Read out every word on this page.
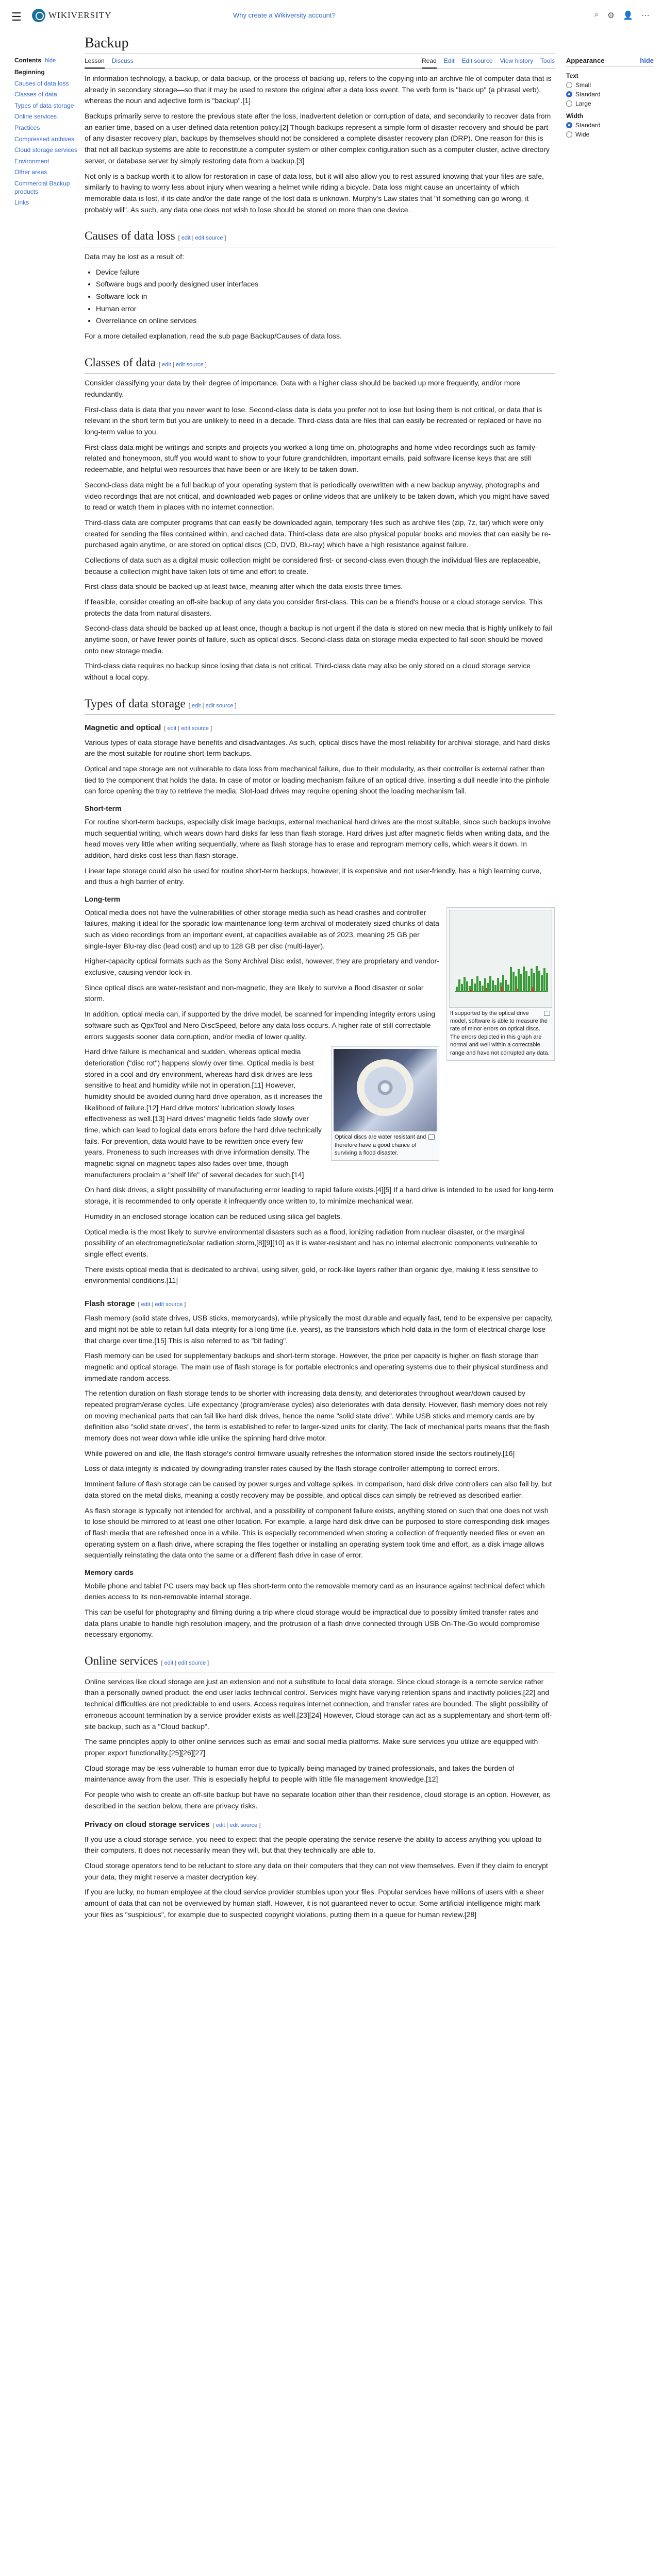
☰	WIKIVERSITY	Why create a Wikiversity account?	⌕ ⚙ 👤 ⋯
Contents hide
Beginning
Causes of data loss
Classes of data
Types of data storage
Online services
Practices
Compressed archives
Cloud storage services
Environment
Other areas
Commercial Backup products
Links
Appearance	hide
Text
Small
Standard
Large
Width
Standard
Wide
Backup
Lesson Discuss	Read Edit Edit source View history Tools

In information technology, a backup, or data backup, or the process of backing up, refers to the copying into an archive file of computer data that is already in secondary storage—so that it may be used to restore the original after a data loss event. The verb form is "back up" (a phrasal verb), whereas the noun and adjective form is "backup".[1]

Backups primarily serve to restore the previous state after the loss, inadvertent deletion or corruption of data, and secondarily to recover data from an earlier time, based on a user-defined data retention policy.[2] Though backups represent a simple form of disaster recovery and should be part of any disaster recovery plan, backups by themselves should not be considered a complete disaster recovery plan (DRP). One reason for this is that not all backup systems are able to reconstitute a computer system or other complex configuration such as a computer cluster, active directory server, or database server by simply restoring data from a backup.[3]

Not only is a backup worth it to allow for restoration in case of data loss, but it will also allow you to rest assured knowing that your files are safe, similarly to having to worry less about injury when wearing a helmet while riding a bicycle. Data loss might cause an uncertainty of which memorable data is lost, if its date and/or the date range of the lost data is unknown. Murphy's Law states that "if something can go wrong, it probably will". As such, any data one does not wish to lose should be stored on more than one device.

Causes of data loss [ edit | edit source ]

Data may be lost as a result of:

• Device failure
• Software bugs and poorly designed user interfaces
• Software lock-in
• Human error
• Overreliance on online services

For a more detailed explanation, read the sub page Backup/Causes of data loss.

Classes of data [ edit | edit source ]

Consider classifying your data by their degree of importance. Data with a higher class should be backed up more frequently, and/or more redundantly.

First-class data is data that you never want to lose. Second-class data is data you prefer not to lose but losing them is not critical, or data that is relevant in the short term but you are unlikely to need in a decade. Third-class data are files that can easily be recreated or replaced or have no long-term value to you.

First-class data might be writings and scripts and projects you worked a long time on, photographs and home video recordings such as family-related and honeymoon, stuff you would want to show to your future grandchildren, important emails, paid software license keys that are still redeemable, and helpful web resources that have been or are likely to be taken down.

Second-class data might be a full backup of your operating system that is periodically overwritten with a new backup anyway, photographs and video recordings that are not critical, and downloaded web pages or online videos that are unlikely to be taken down, which you might have saved to read or watch them in places with no internet connection.

Third-class data are computer programs that can easily be downloaded again, temporary files such as archive files (zip, 7z, tar) which were only created for sending the files contained within, and cached data. Third-class data are also physical popular books and movies that can easily be re-purchased again anytime, or are stored on optical discs (CD, DVD, Blu-ray) which have a high resistance against failure.

Collections of data such as a digital music collection might be considered first- or second-class even though the individual files are replaceable, because a collection might have taken lots of time and effort to create.

First-class data should be backed up at least twice, meaning after which the data exists three times.

If feasible, consider creating an off-site backup of any data you consider first-class. This can be a friend's house or a cloud storage service. This protects the data from natural disasters.

Second-class data should be backed up at least once, though a backup is not urgent if the data is stored on new media that is highly unlikely to fail anytime soon, or have fewer points of failure, such as optical discs. Second-class data on storage media expected to fail soon should be moved onto new storage media.

Third-class data requires no backup since losing that data is not critical. Third-class data may also be only stored on a cloud storage service without a local copy.

Types of data storage [ edit | edit source ]
Magnetic and optical [ edit | edit source ]

Various types of data storage have benefits and disadvantages. As such, optical discs have the most reliability for archival storage, and hard disks are the most suitable for routine short-term backups.

Optical and tape storage are not vulnerable to data loss from mechanical failure, due to their modularity, as their controller is external rather than tied to the component that holds the data. In case of motor or loading mechanism failure of an optical drive, inserting a dull needle into the pinhole can force opening the tray to retrieve the media. Slot-load drives may require opening shoot the loading mechanism fail.

Short-term

For routine short-term backups, especially disk image backups, external mechanical hard drives are the most suitable, since such backups involve much sequential writing, which wears down hard disks far less than flash storage. Hard drives just after magnetic fields when writing data, and the head moves very little when writing sequentially, where as flash storage has to erase and reprogram memory cells, which wears it down. In addition, hard disks cost less than flash storage.

Linear tape storage could also be used for routine short-term backups, however, it is expensive and not user-friendly, has a high learning curve, and thus a high barrier of entry.

Long-term
If supported by the optical drive model, software is able to measure the rate of minor errors on optical discs. The errors depicted in this graph are normal and well within a correctable range and have not corrupted any data.

Optical media does not have the vulnerabilities of other storage media such as head crashes and controller failures, making it ideal for the sporadic low-maintenance long-term archival of moderately sized chunks of data such as video recordings from an important event, at capacities available as of 2023, meaning 25 GB per single-layer Blu-ray disc (lead cost) and up to 128 GB per disc (multi-layer).

Higher-capacity optical formats such as the Sony Archival Disc exist, however, they are proprietary and vendor-exclusive, causing vendor lock-in.

Since optical discs are water-resistant and non-magnetic, they are likely to survive a flood disaster or solar storm.

In addition, optical media can, if supported by the drive model, be scanned for impending integrity errors using software such as QpxTool and Nero DiscSpeed, before any data loss occurs. A higher rate of still correctable errors suggests sooner data corruption, and/or media of lower quality.

Optical discs are water resistant and therefore have a good chance of surviving a flood disaster.

Hard drive failure is mechanical and sudden, whereas optical media deterioration ("disc rot") happens slowly over time. Optical media is best stored in a cool and dry environment, whereas hard disk drives are less sensitive to heat and humidity while not in operation.[11] However, humidity should be avoided during hard drive operation, as it increases the likelihood of failure.[12] Hard drive motors' lubrication slowly loses effectiveness as well.[13] Hard drives' magnetic fields fade slowly over time, which can lead to logical data errors before the hard drive technically fails. For prevention, data would have to be rewritten once every few years. Proneness to such increases with drive information density. The magnetic signal on magnetic tapes also fades over time, though manufacturers proclaim a "shelf life" of several decades for such.[14]

On hard disk drives, a slight possibility of manufacturing error leading to rapid failure exists.[4][5] If a hard drive is intended to be used for long-term storage, it is recommended to only operate it infrequently once written to, to minimize mechanical wear.

Humidity in an enclosed storage location can be reduced using silica gel baglets.

Optical media is the most likely to survive environmental disasters such as a flood, ionizing radiation from nuclear disaster, or the marginal possibility of an electromagnetic/solar radiation storm,[8][9][10] as it is water-resistant and has no internal electronic components vulnerable to single effect events.

There exists optical media that is dedicated to archival, using silver, gold, or rock-like layers rather than organic dye, making it less sensitive to environmental conditions.[11]

Flash storage [ edit | edit source ]

Flash memory (solid state drives, USB sticks, memorycards), while physically the most durable and equally fast, tend to be expensive per capacity, and might not be able to retain full data integrity for a long time (i.e. years), as the transistors which hold data in the form of electrical charge lose that charge over time.[15] This is also referred to as "bit fading".

Flash memory can be used for supplementary backups and short-term storage. However, the price per capacity is higher on flash storage than magnetic and optical storage. The main use of flash storage is for portable electronics and operating systems due to their physical sturdiness and immediate random access.

The retention duration on flash storage tends to be shorter with increasing data density, and deteriorates throughout wear/down caused by repeated program/erase cycles. Life expectancy (program/erase cycles) also deteriorates with data density. However, flash memory does not rely on moving mechanical parts that can fail like hard disk drives, hence the name "solid state drive". While USB sticks and memory cards are by definition also "solid state drives", the term is established to refer to larger-sized units for clarity. The lack of mechanical parts means that the flash memory does not wear down while idle unlike the spinning hard drive motor.

While powered on and idle, the flash storage's control firmware usually refreshes the information stored inside the sectors routinely.[16]

Loss of data integrity is indicated by downgrading transfer rates caused by the flash storage controller attempting to correct errors.

Imminent failure of flash storage can be caused by power surges and voltage spikes. In comparison, hard disk drive controllers can also fail by, but data stored on the metal disks, meaning a costly recovery may be possible, and optical discs can simply be retrieved as described earlier.

As flash storage is typically not intended for archival, and a possibility of component failure exists, anything stored on such that one does not wish to lose should be mirrored to at least one other location. For example, a large hard disk drive can be purposed to store corresponding disk images of flash media that are refreshed once in a while. This is especially recommended when storing a collection of frequently needed files or even an operating system on a flash drive, where scraping the files together or installing an operating system took time and effort, as a disk image allows sequentially reinstating the data onto the same or a different flash drive in case of error.

Memory cards

Mobile phone and tablet PC users may back up files short-term onto the removable memory card as an insurance against technical defect which denies access to its non-removable internal storage.

This can be useful for photography and filming during a trip where cloud storage would be impractical due to possibly limited transfer rates and data plans unable to handle high resolution imagery, and the protrusion of a flash drive connected through USB On-The-Go would compromise necessary ergonomy.

Online services [ edit | edit source ]

Online services like cloud storage are just an extension and not a substitute to local data storage. Since cloud storage is a remote service rather than a personally owned product, the end user lacks technical control. Services might have varying retention spans and inactivity policies,[22] and technical difficulties are not predictable to end users. Access requires internet connection, and transfer rates are bounded. The slight possibility of erroneous account termination by a service provider exists as well.[23][24] However, Cloud storage can act as a supplementary and short-term off-site backup, such as a "Cloud backup".

The same principles apply to other online services such as email and social media platforms. Make sure services you utilize are equipped with proper export functionality.[25][26][27]

Cloud storage may be less vulnerable to human error due to typically being managed by trained professionals, and takes the burden of maintenance away from the user. This is especially helpful to people with little file management knowledge.[12]

For people who wish to create an off-site backup but have no separate location other than their residence, cloud storage is an option. However, as described in the section below, there are privacy risks.

Privacy on cloud storage services [ edit | edit source ]

If you use a cloud storage service, you need to expect that the people operating the service reserve the ability to access anything you upload to their computers. It does not necessarily mean they will, but that they technically are able to.

Cloud storage operators tend to be reluctant to store any data on their computers that they can not view themselves. Even if they claim to encrypt your data, they might reserve a master decryption key.

If you are lucky, no human employee at the cloud service provider stumbles upon your files. Popular services have millions of users with a sheer amount of data that can not be overviewed by human staff. However, it is not guaranteed never to occur. Some artificial intelligence might mark your files as "suspicious", for example due to suspected copyright violations, putting them in a queue for human review.[28]
